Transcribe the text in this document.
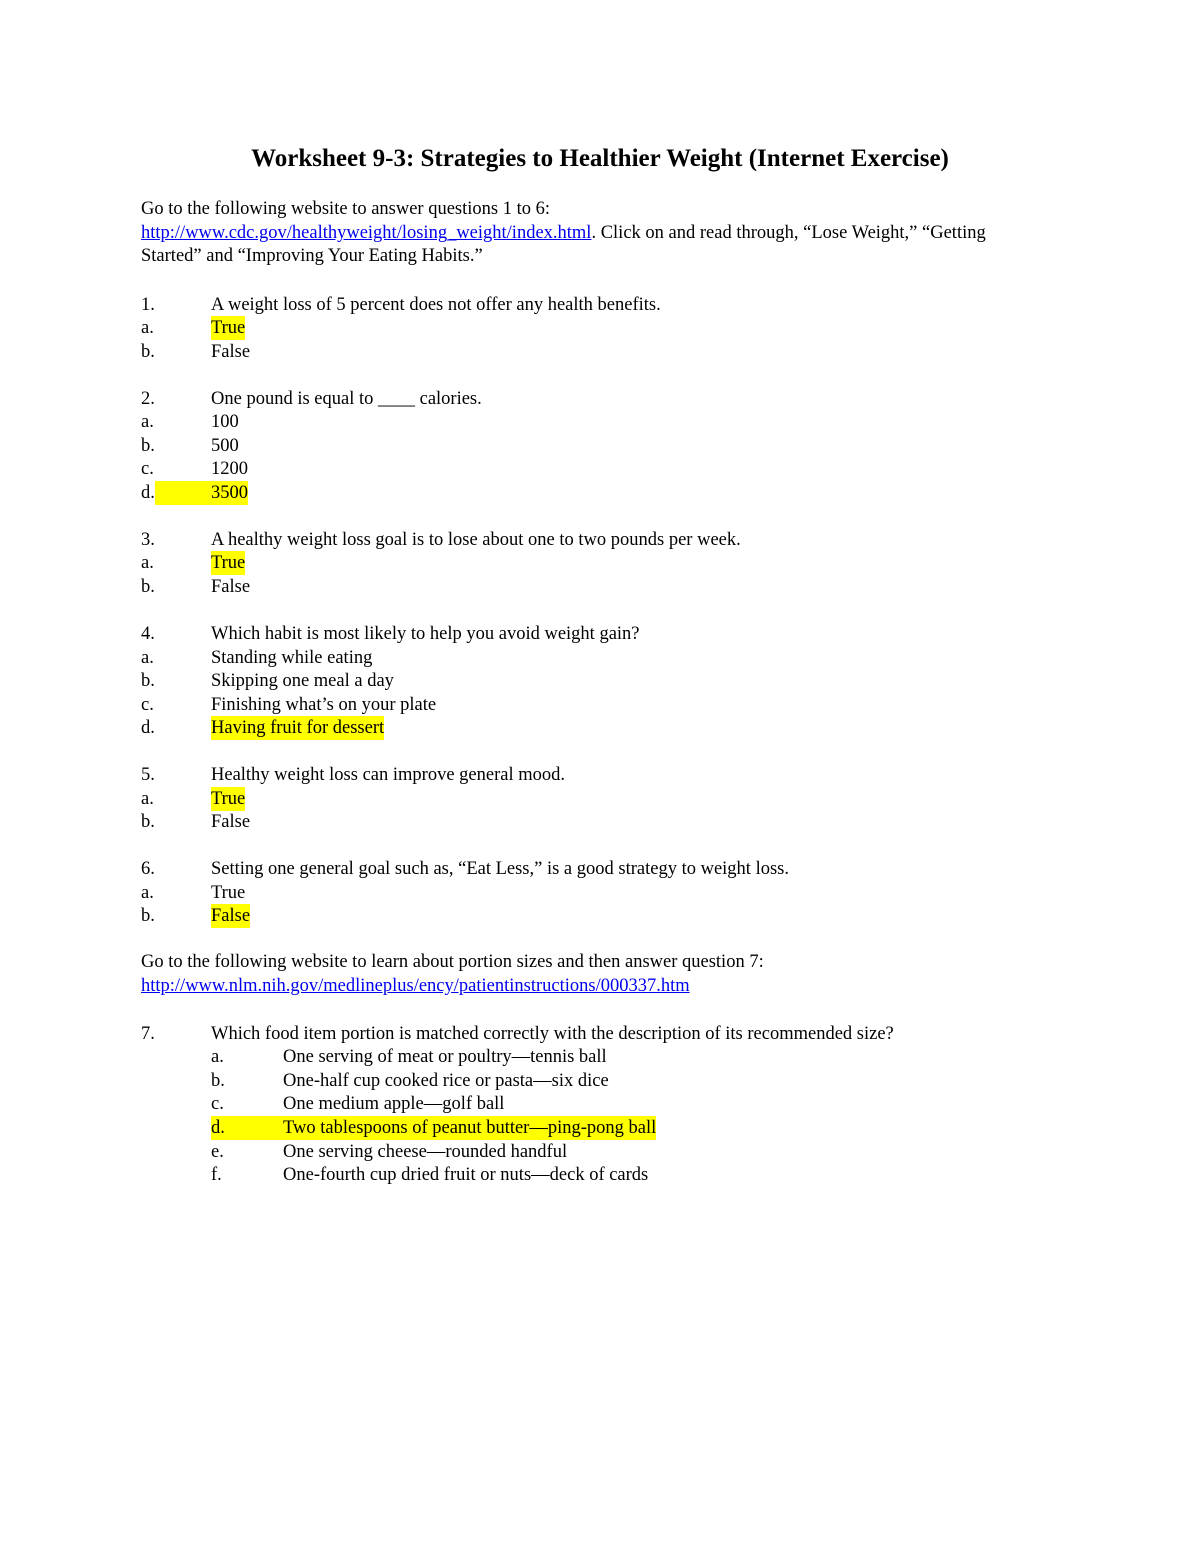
Worksheet 9-3: Strategies to Healthier Weight (Internet Exercise)
Go to the following website to answer questions 1 to 6:
http://www.cdc.gov/healthyweight/losing_weight/index.html. Click on and read through, “Lose Weight,” “Getting
Started” and “Improving Your Eating Habits.”
1.	A weight loss of 5 percent does not offer any health benefits.
a.	True
b.	False
2.	One pound is equal to ____ calories.
a.	100
b.	500
c.	1200
d.	3500
3.	A healthy weight loss goal is to lose about one to two pounds per week.
a.	True
b.	False
4.	Which habit is most likely to help you avoid weight gain?
a.	Standing while eating
b.	Skipping one meal a day
c.	Finishing what’s on your plate
d.	Having fruit for dessert
5.	Healthy weight loss can improve general mood.
a.	True
b.	False
6.	Setting one general goal such as, “Eat Less,” is a good strategy to weight loss.
a.	True
b.	False
Go to the following website to learn about portion sizes and then answer question 7:
http://www.nlm.nih.gov/medlineplus/ency/patientinstructions/000337.htm
7.	Which food item portion is matched correctly with the description of its recommended size?
a.	One serving of meat or poultry—tennis ball
b.	One-half cup cooked rice or pasta—six dice
c.	One medium apple—golf ball
d.	Two tablespoons of peanut butter—ping-pong ball
e.	One serving cheese—rounded handful
f.	One-fourth cup dried fruit or nuts—deck of cards
